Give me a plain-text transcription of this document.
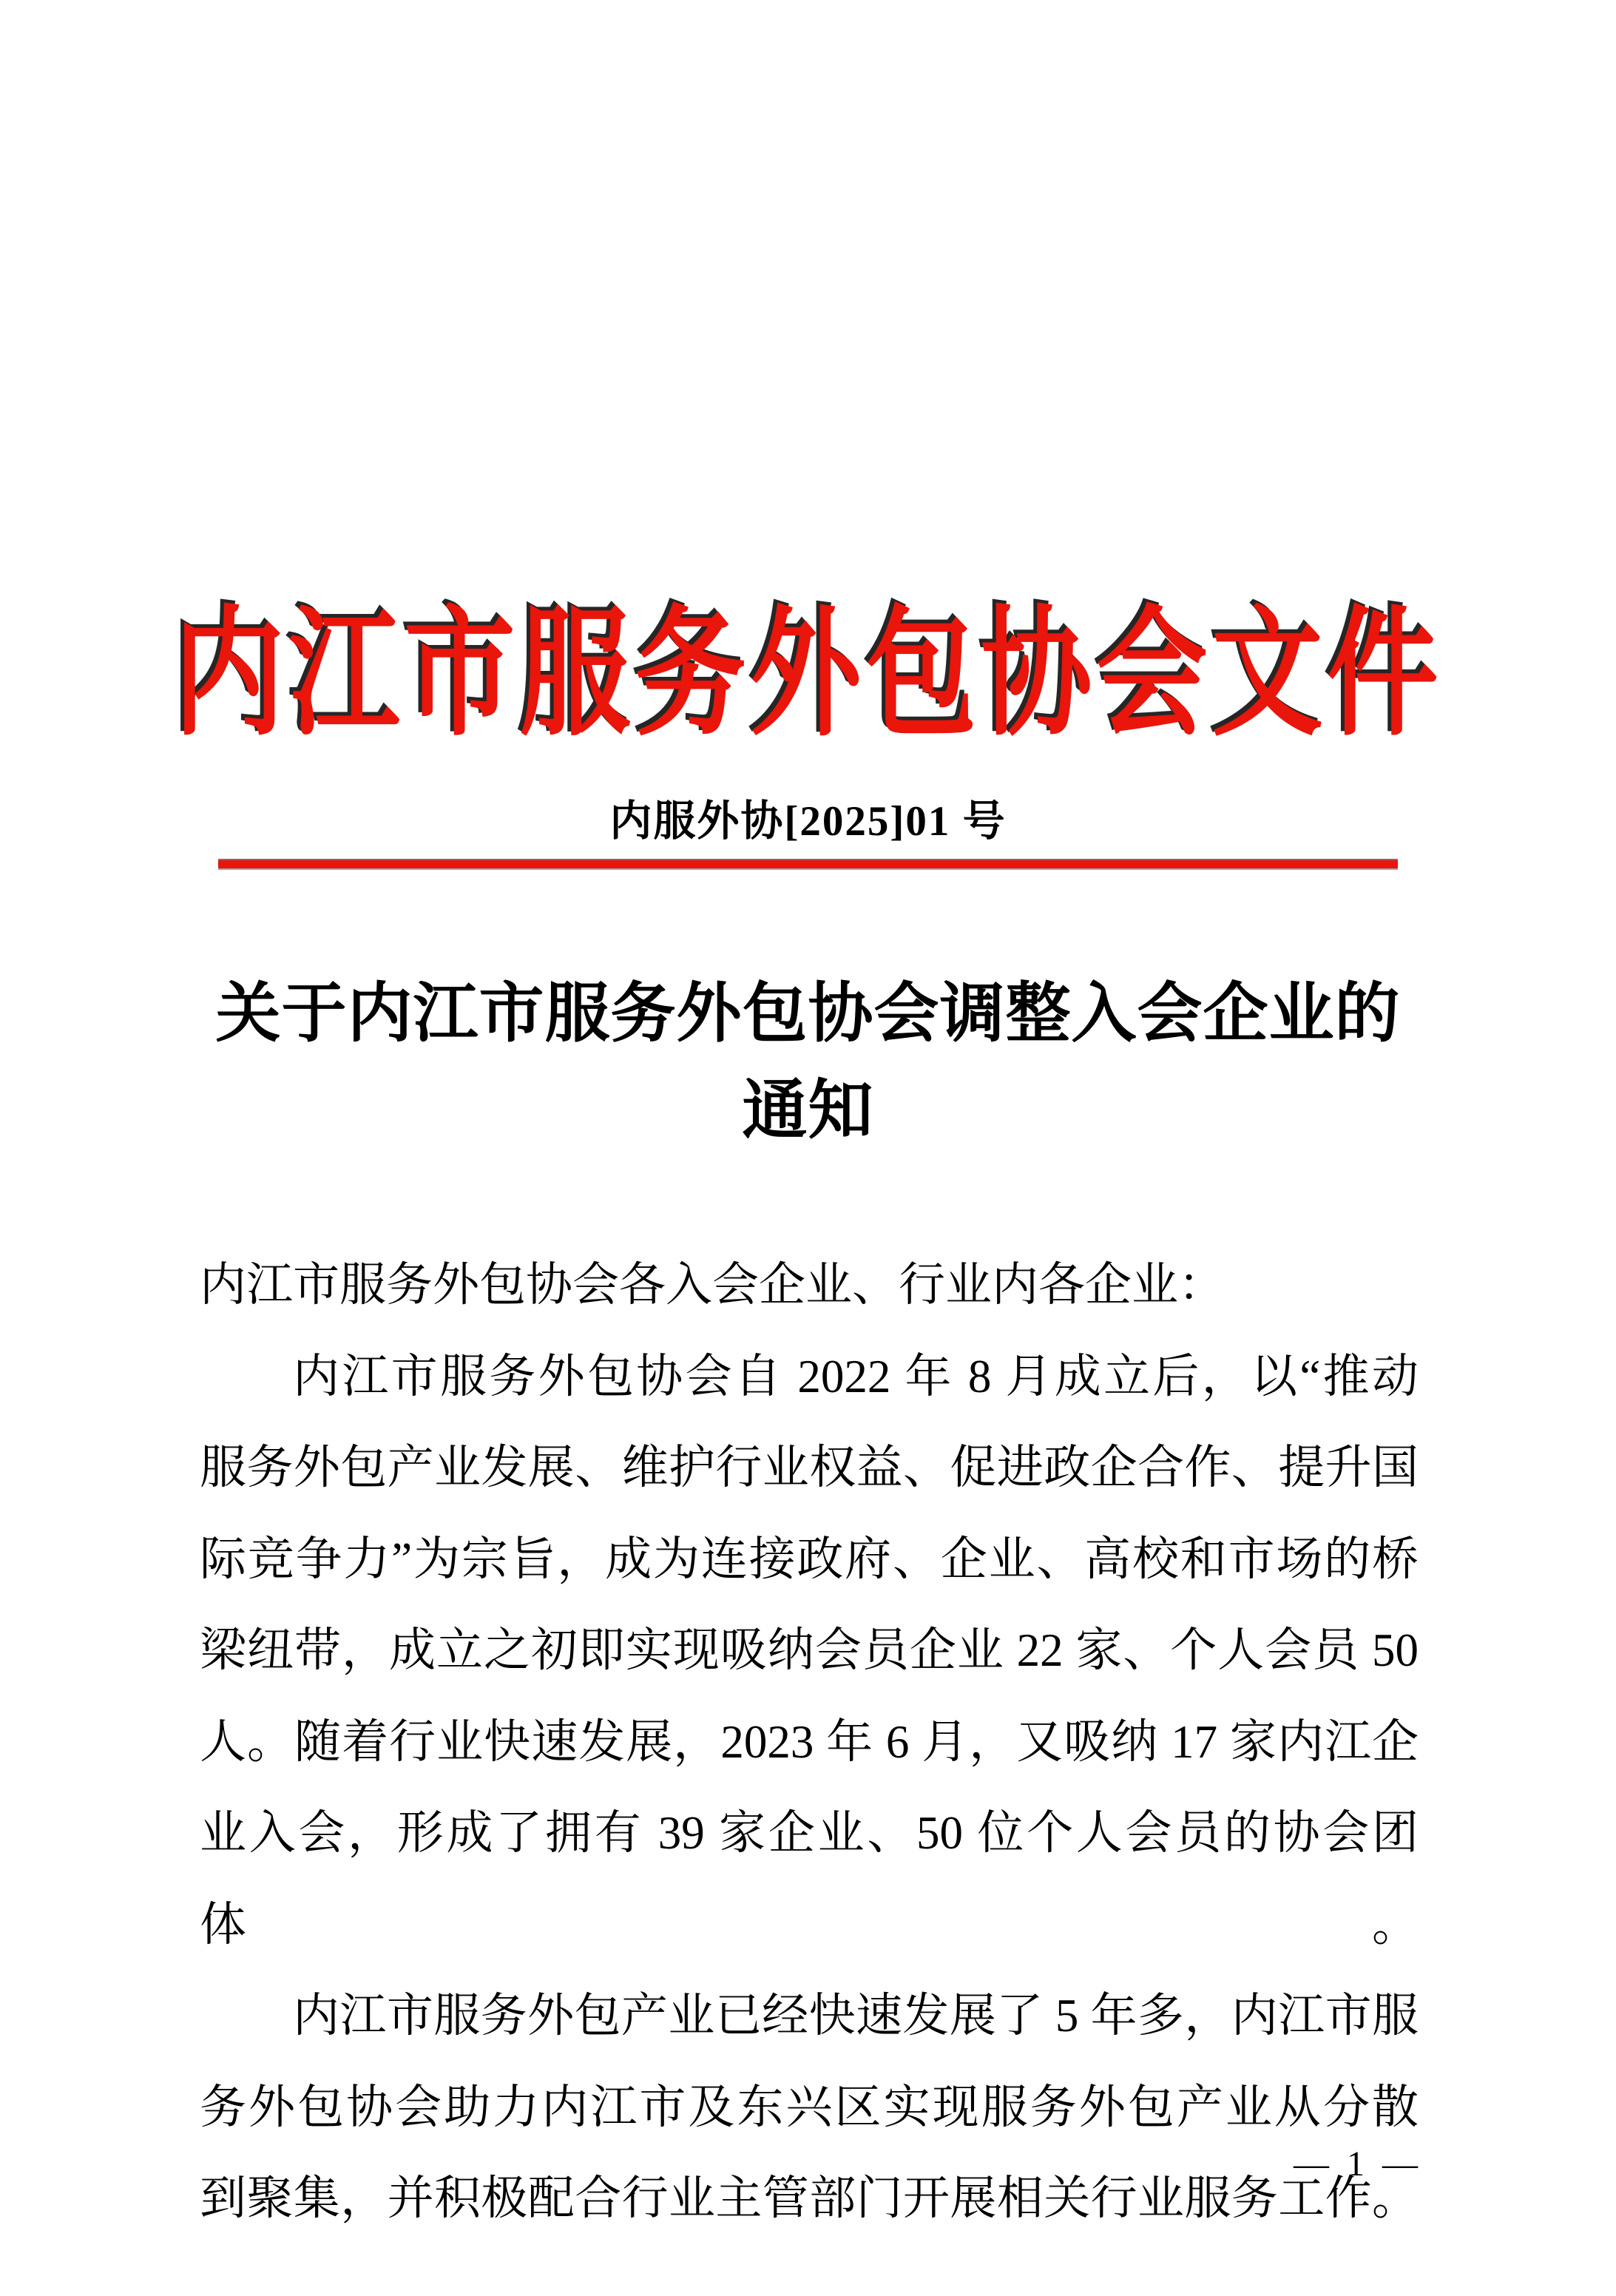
内江市服务外包协会文件
内服外协[2025]01 号
关于内江市服务外包协会调整入会企业的
通知
内江市服务外包协会各入会企业、行业内各企业：
内江市服务外包协会自 2022 年 8 月成立后，以“推动
服务外包产业发展、维护行业权益、促进政企合作、提升国
际竞争力”为宗旨，成为连接政府、企业、高校和市场的桥
梁纽带，成立之初即实现吸纳会员企业 22 家、个人会员 50
人。随着行业快速发展，2023 年 6 月，又吸纳 17 家内江企
业入会，形成了拥有 39 家企业、50 位个人会员的协会团体。
内江市服务外包产业已经快速发展了 5 年多，内江市服
务外包协会助力内江市及东兴区实现服务外包产业从分散
到聚集，并积极配合行业主管部门开展相关行业服务工作。
— 1 —
